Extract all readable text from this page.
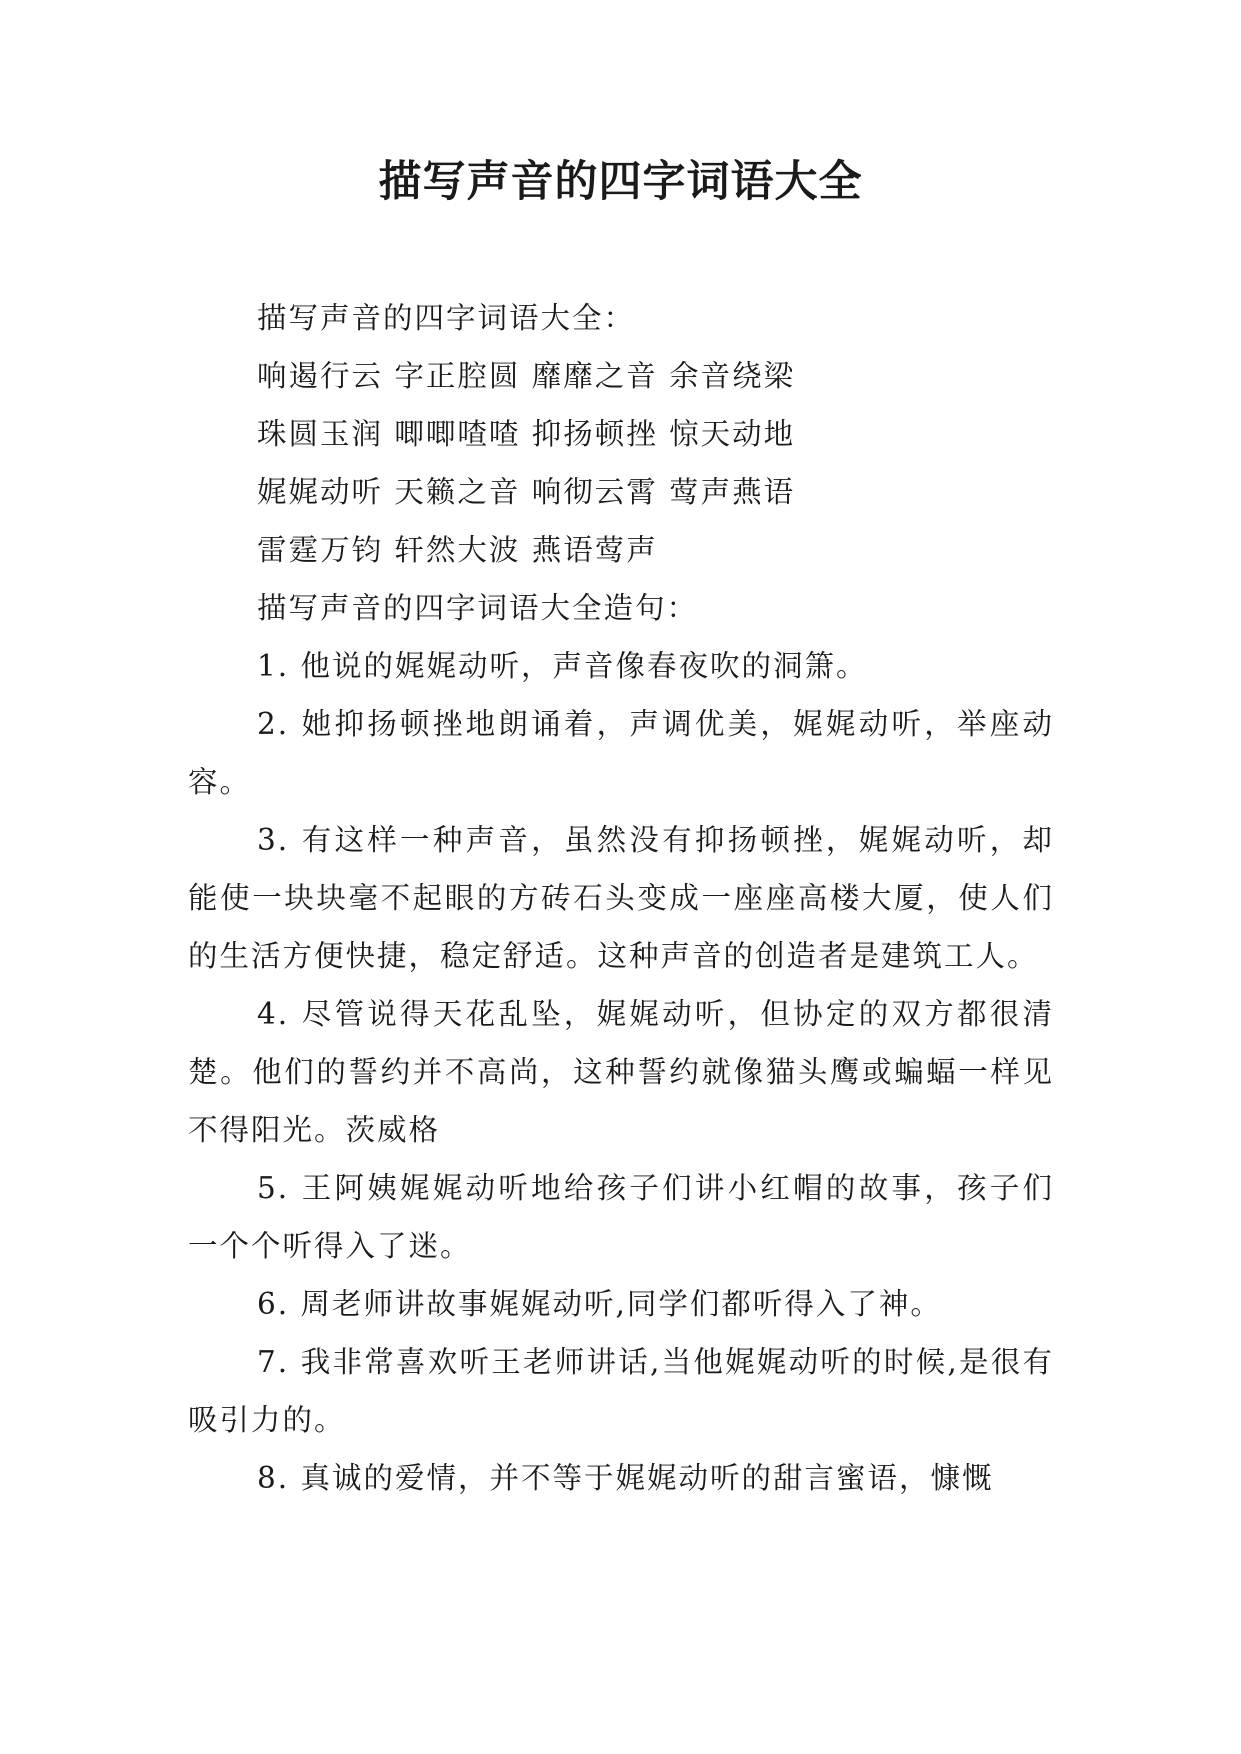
描写声音的四字词语大全

描写声音的四字词语大全：

响遏行云 字正腔圆 靡靡之音 余音绕梁

珠圆玉润 唧唧喳喳 抑扬顿挫 惊天动地

娓娓动听 天籁之音 响彻云霄 莺声燕语

雷霆万钧 轩然大波 燕语莺声

描写声音的四字词语大全造句：

1. 他说的娓娓动听，声音像春夜吹的洞箫。

2. 她抑扬顿挫地朗诵着，声调优美，娓娓动听，举座动容。

3. 有这样一种声音，虽然没有抑扬顿挫，娓娓动听，却能使一块块毫不起眼的方砖石头变成一座座高楼大厦，使人们的生活方便快捷，稳定舒适。这种声音的创造者是建筑工人。

4. 尽管说得天花乱坠，娓娓动听，但协定的双方都很清楚。他们的誓约并不高尚，这种誓约就像猫头鹰或蝙蝠一样见不得阳光。茨威格

5. 王阿姨娓娓动听地给孩子们讲小红帽的故事，孩子们一个个听得入了迷。

6. 周老师讲故事娓娓动听,同学们都听得入了神。

7. 我非常喜欢听王老师讲话,当他娓娓动听的时候,是很有吸引力的。

8. 真诚的爱情，并不等于娓娓动听的甜言蜜语，慷慨
